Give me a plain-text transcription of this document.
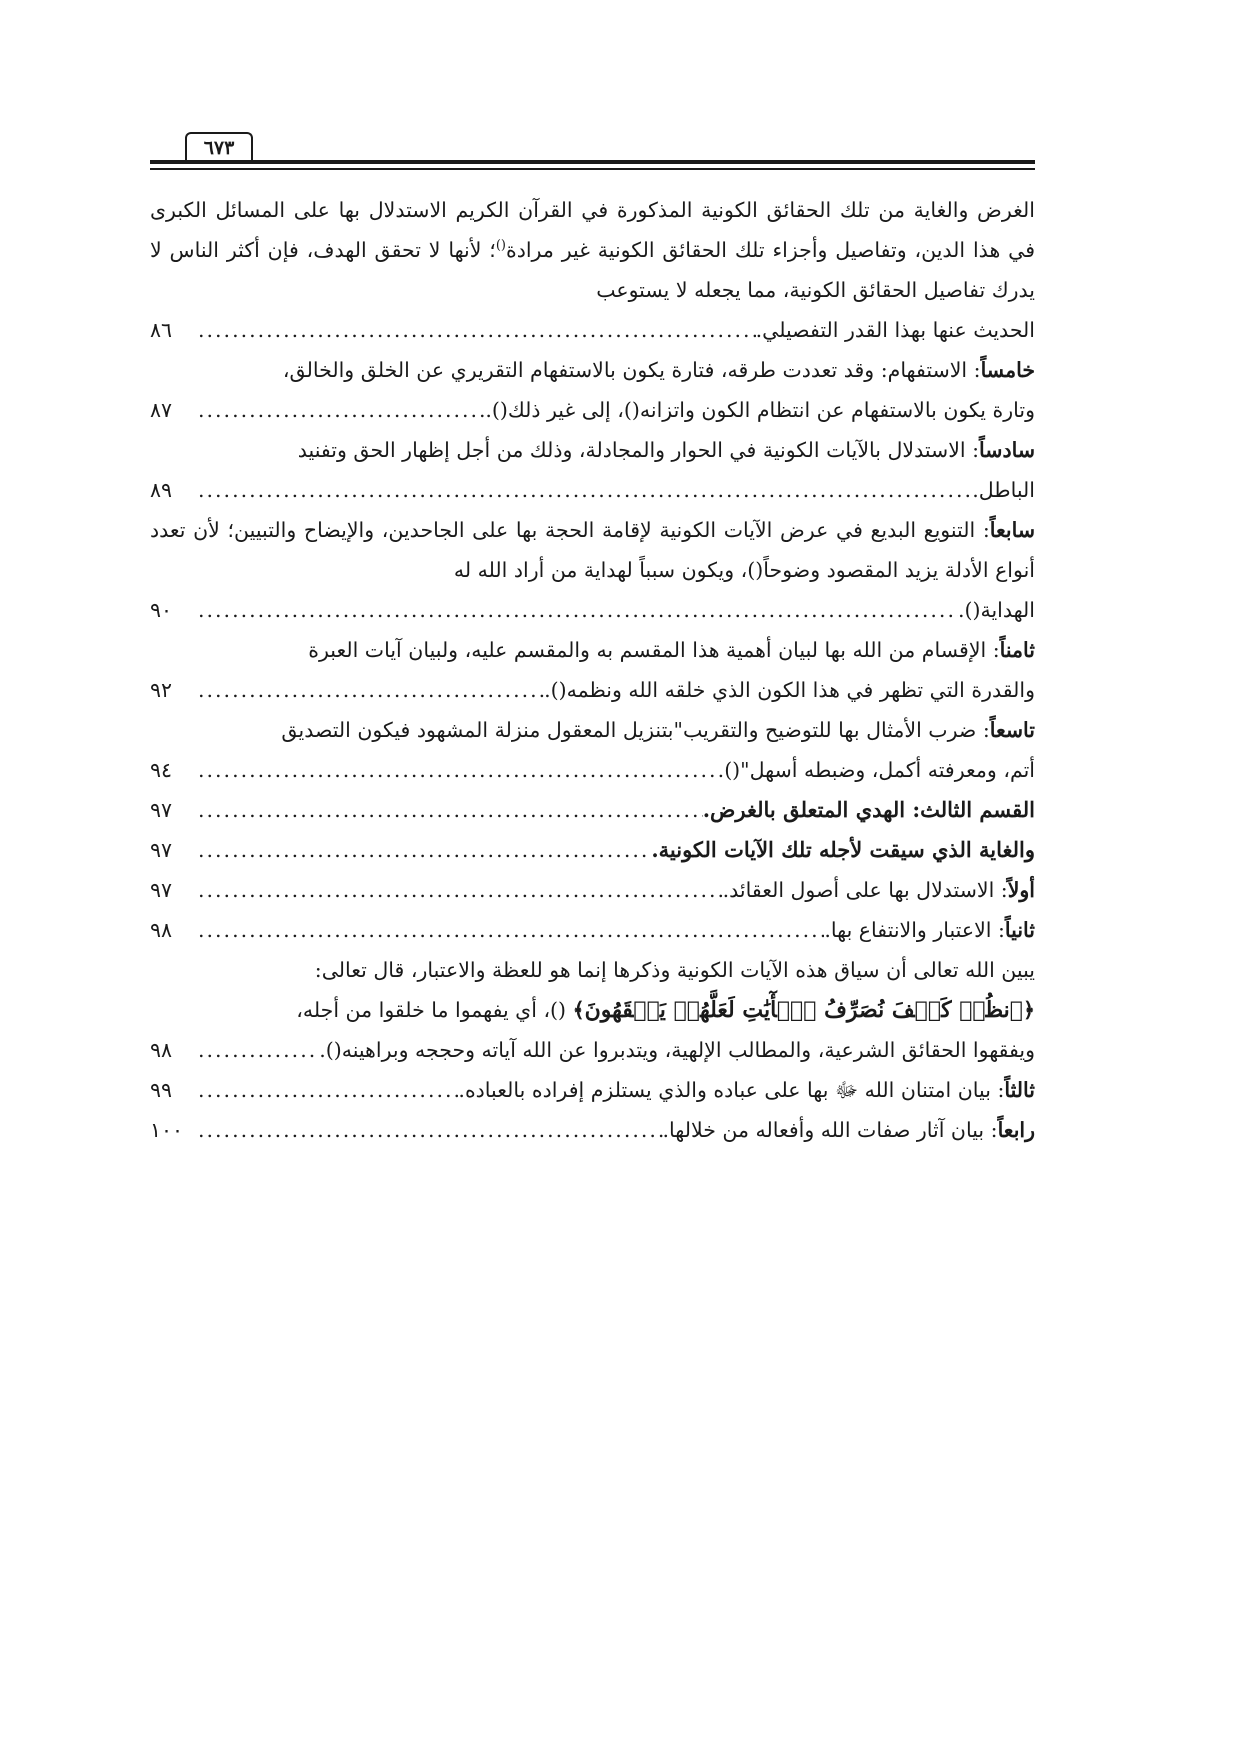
٦٧٣

الغرض والغاية من تلك الحقائق الكونية المذكورة في القرآن الكريم الاستدلال بها على المسائل الكبرى في هذا الدين، وتفاصيل وأجزاء تلك الحقائق الكونية غير مرادة()؛ لأنها لا تحقق الهدف، فإن أكثر الناس لا يدرك تفاصيل الحقائق الكونية، مما يجعله لا يستوعب

الحديث عنها بهذا القدر التفصيلي.
.....
٨٦

خامساً: الاستفهام: وقد تعددت طرقه، فتارة يكون بالاستفهام التقريري عن الخلق والخالق،

وتارة يكون بالاستفهام عن انتظام الكون واتزانه()، إلى غير ذلك().
.....
٨٧

سادساً: الاستدلال بالآيات الكونية في الحوار والمجادلة، وذلك من أجل إظهار الحق وتفنيد

الباطل.
.....
٨٩

سابعاً: التنويع البديع في عرض الآيات الكونية لإقامة الحجة بها على الجاحدين، والإيضاح والتبيين؛ لأن تعدد أنواع الأدلة يزيد المقصود وضوحاً()، ويكون سبباً لهداية من أراد الله له

الهداية().
.....
٩٠

ثامناً: الإقسام من الله بها لبيان أهمية هذا المقسم به والمقسم عليه، ولبيان آيات العبرة

والقدرة التي تظهر في هذا الكون الذي خلقه الله ونظمه().
.....
٩٢

تاسعاً: ضرب الأمثال بها للتوضيح والتقريب"بتنزيل المعقول منزلة المشهود فيكون التصديق

أتم، ومعرفته أكمل، وضبطه أسهل"().
.....
٩٤
القسم الثالث: الهدي المتعلق بالغرض.
.....
٩٧
والغاية الذي سيقت لأجله تلك الآيات الكونية.
.....
٩٧
أولاً: الاستدلال بها على أصول العقائد.
.....
٩٧
ثانياً: الاعتبار والانتفاع بها.
.....
٩٨

يبين الله تعالى أن سياق هذه الآيات الكونية وذكرها إنما هو للعظة والاعتبار، قال تعالى:

﴿ٱنظُرۡ كَيۡفَ نُصَرِّفُ ٱلۡأٓيَٰتِ لَعَلَّهُمۡ يَفۡقَهُونَ﴾ ()، أي يفهموا ما خلقوا من أجله،

ويفقهوا الحقائق الشرعية، والمطالب الإلهية، ويتدبروا عن الله آياته وحججه وبراهينه().
.....
٩٨
ثالثاً: بيان امتنان الله ﷻ بها على عباده والذي يستلزم إفراده بالعباده.
.....
٩٩
رابعاً: بيان آثار صفات الله وأفعاله من خلالها.
.....
١٠٠
